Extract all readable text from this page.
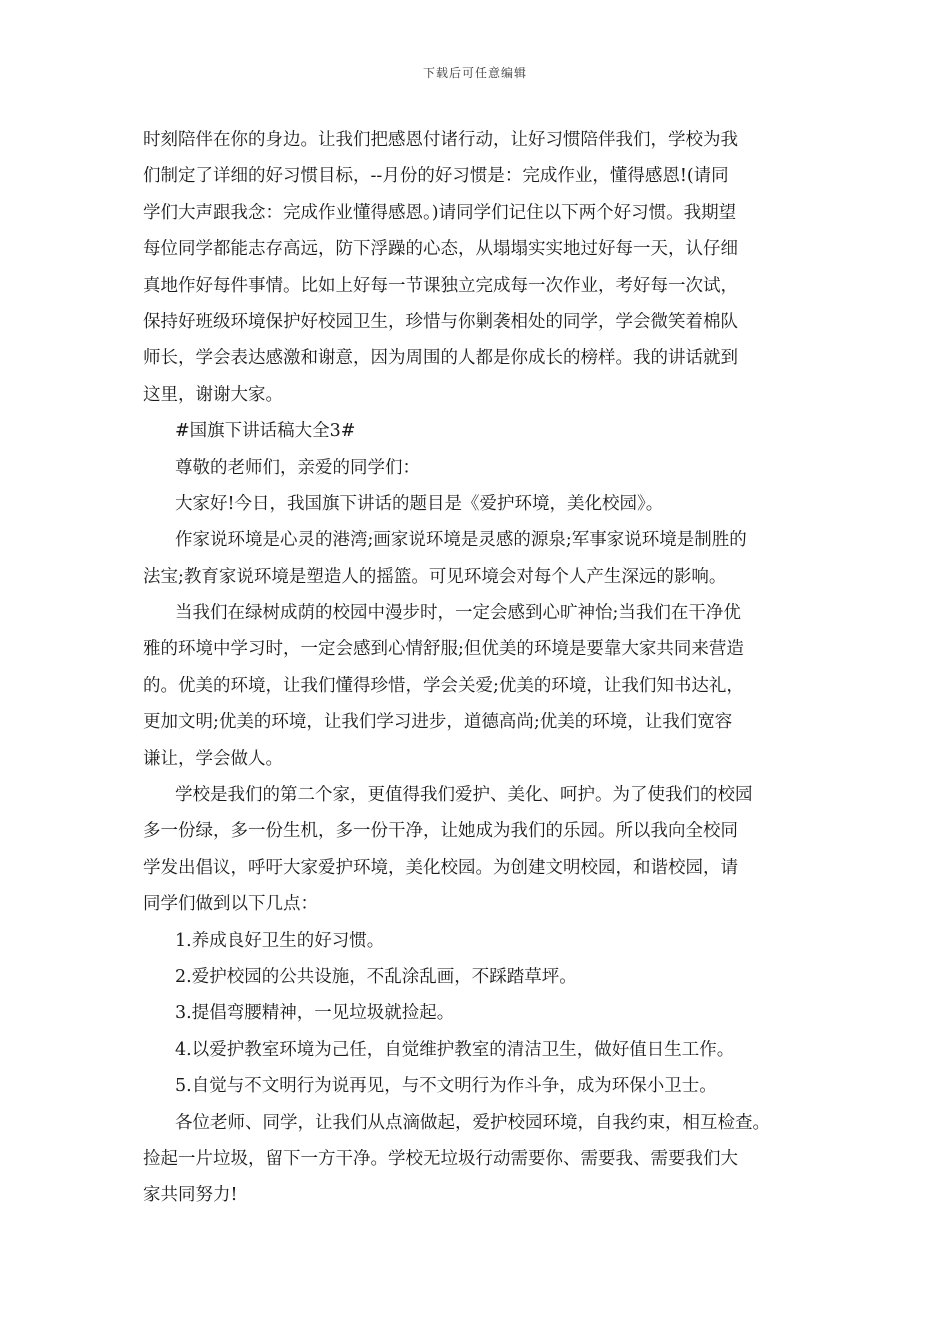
下载后可任意编辑
时刻陪伴在你的身边。让我们把感恩付诸行动，让好习惯陪伴我们，学校为我
们制定了详细的好习惯目标，--月份的好习惯是：完成作业，懂得感恩!(请同
学们大声跟我念：完成作业懂得感恩。)请同学们记住以下两个好习惯。我期望
每位同学都能志存高远，防下浮躁的心态，从塌塌实实地过好每一天，认仔细
真地作好每件事情。比如上好每一节课独立完成每一次作业，考好每一次试，
保持好班级环境保护好校园卫生，珍惜与你剿袭相处的同学，学会微笑着棉队
师长，学会表达感激和谢意，因为周围的人都是你成长的榜样。我的讲话就到
这里，谢谢大家。
#国旗下讲话稿大全3#
尊敬的老师们，亲爱的同学们：
大家好!今日，我国旗下讲话的题目是《爱护环境，美化校园》。
作家说环境是心灵的港湾;画家说环境是灵感的源泉;军事家说环境是制胜的
法宝;教育家说环境是塑造人的摇篮。可见环境会对每个人产生深远的影响。
当我们在绿树成荫的校园中漫步时，一定会感到心旷神怡;当我们在干净优
雅的环境中学习时，一定会感到心情舒服;但优美的环境是要靠大家共同来营造
的。优美的环境，让我们懂得珍惜，学会关爱;优美的环境，让我们知书达礼，
更加文明;优美的环境，让我们学习进步，道德高尚;优美的环境，让我们宽容
谦让，学会做人。
学校是我们的第二个家，更值得我们爱护、美化、呵护。为了使我们的校园
多一份绿，多一份生机，多一份干净，让她成为我们的乐园。所以我向全校同
学发出倡议，呼吁大家爱护环境，美化校园。为创建文明校园，和谐校园，请
同学们做到以下几点：
1.养成良好卫生的好习惯。
2.爱护校园的公共设施，不乱涂乱画，不踩踏草坪。
3.提倡弯腰精神，一见垃圾就捡起。
4.以爱护教室环境为己任，自觉维护教室的清洁卫生，做好值日生工作。
5.自觉与不文明行为说再见，与不文明行为作斗争，成为环保小卫士。
各位老师、同学，让我们从点滴做起，爱护校园环境，自我约束，相互检查。
捡起一片垃圾，留下一方干净。学校无垃圾行动需要你、需要我、需要我们大
家共同努力!
